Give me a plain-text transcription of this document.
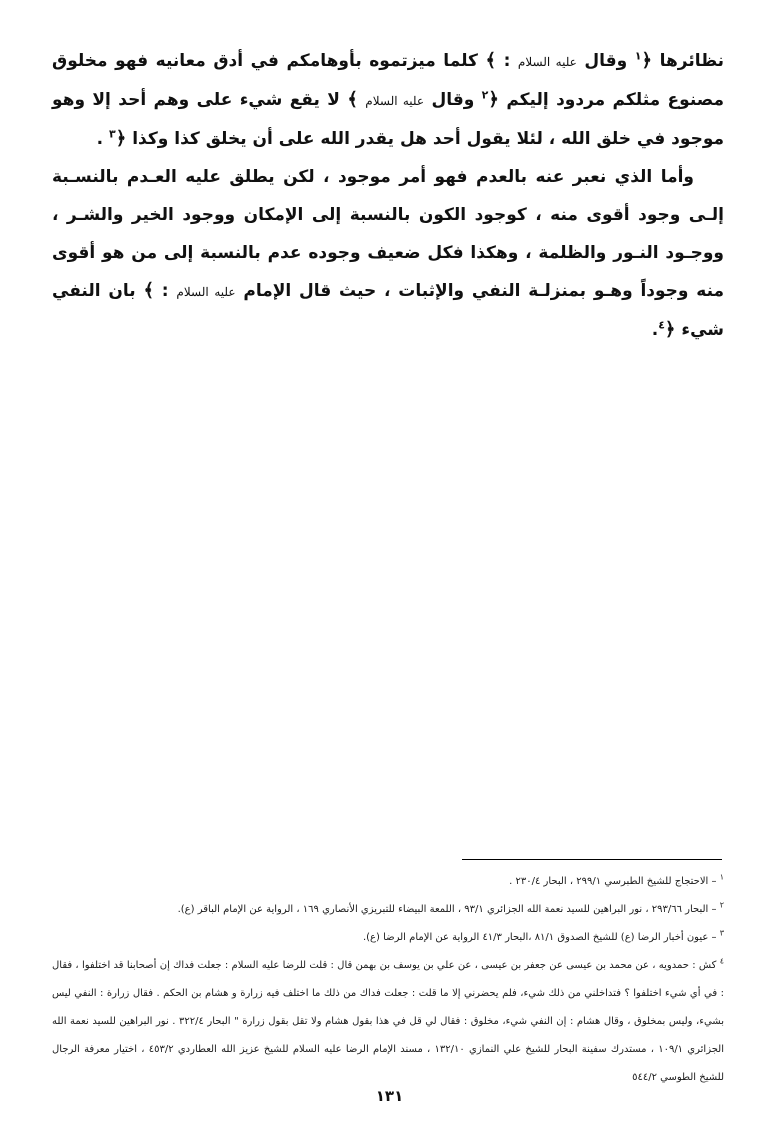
نظائرها ﴿$^١$ وقال عليه السلام : ﴾ كلما ميزتموه بأوهامكم في أدق معانيه فهو مخلوق مصنوع مثلكم مردود إليكم ﴿$^٢$ وقال عليه السلام ﴾ لا يقع شيء على وهم أحد إلا وهو موجود في خلق الله ، لئلا يقول أحد هل يقدر الله على أن يخلق كذا وكذا ﴿$^٣$ .

وأما الذي نعبر عنه بالعدم فهو أمر موجود ، لكن يطلق عليه العـدم بالنسـبة إلـى وجود أقوى منه ، كوجود الكون بالنسبة إلى الإمكان ووجود الخير والشـر ، ووجـود النـور والظلمة ، وهكذا فكل ضعيف وجوده عدم بالنسبة إلى من هو أقوى منه وجوداً وهـو بمنزلـة النفي والإثبات ، حيث قال الإمام عليه السلام : ﴾ بان النفي شيء ﴿$^٤$.

$^١$ – الاحتجاج للشيخ الطبرسي ٢٩٩/١ ، البحار ٢٣٠/٤ .

$^٢$ – البحار ٢٩٣/٦٦ ، نور البراهين للسيد نعمة الله الجزائري ٩٣/١ ، اللمعة البيضاء للتبريزي الأنصاري ١٦٩ ، الرواية عن الإمام الباقر (ع).

$^٣$ – عيون أخبار الرضا (ع) للشيخ الصدوق ٨١/١ ،البحار ٤١/٣ الرواية عن الإمام الرضا (ع).

$^٤$ كش : حمدويه ، عن محمد بن عيسى عن جعفر بن عيسى ، عن علي بن يوسف بن بهمن قال : قلت للرضا عليه السلام : جعلت فداك إن أصحابنا قد اختلفوا ، فقال : في أي شيء اختلفوا ؟ فتداخلني من ذلك شيء، فلم يحضرني إلا ما قلت : جعلت فداك من ذلك ما اختلف فيه زرارة و هشام بن الحكم . فقال زرارة : النفي ليس بشيء، وليس بمخلوق ، وقال هشام : إن النفي شيء، مخلوق : فقال لي قل في هذا بقول هشام ولا تقل بقول زرارة " البحار ٣٢٢/٤ . نور البراهين للسيد نعمة الله الجزائري ١٠٩/١ ، مستدرك سفينة البحار للشيخ علي النمازي ١٣٢/١٠ ، مسند الإمام الرضا عليه السلام للشيخ عزيز الله العطاردي ٤٥٣/٢ ، اختيار معرفة الرجال للشيخ الطوسي ٥٤٤/٢

١٣١
